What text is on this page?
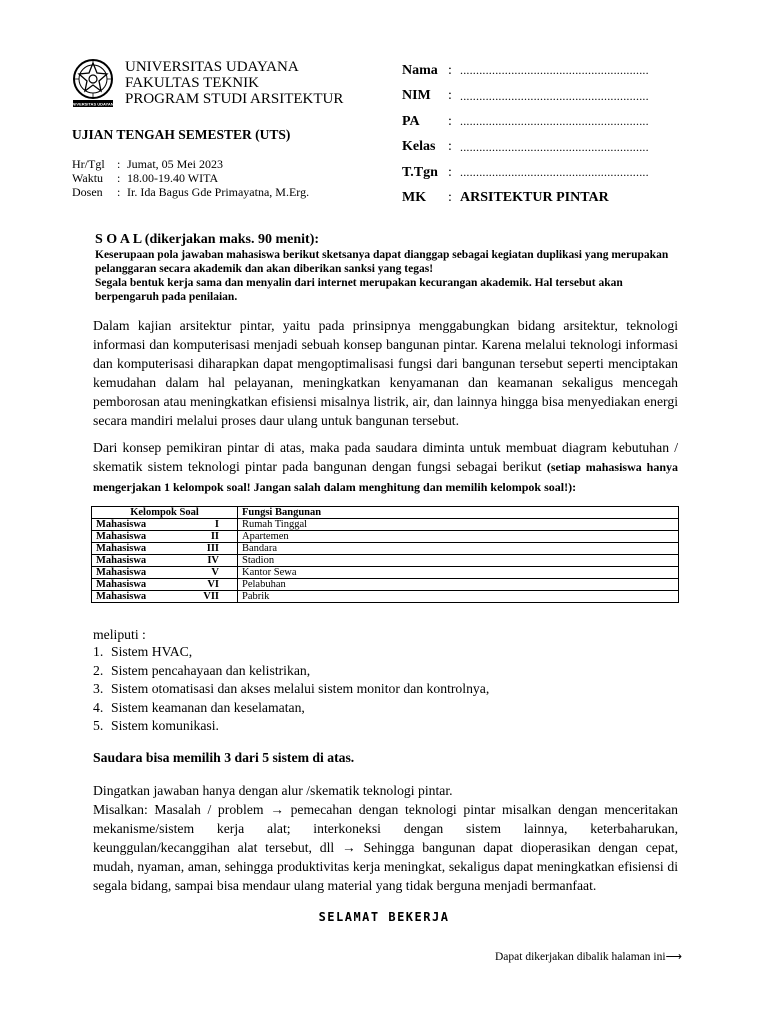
UNIVERSITAS UDAYANA
UNIVERSITAS UDAYANA
FAKULTAS TEKNIK
PROGRAM STUDI ARSITEKTUR
UJIAN TENGAH SEMESTER (UTS)
Hr/Tgl : Jumat, 05 Mei 2023
Waktu : 18.00-19.40 WITA
Dosen : Ir. Ida Bagus Gde Primayatna, M.Erg.
Nama : ...........................................................
NIM	: ...........................................................
PA	: ...........................................................
Kelas : ...........................................................
T.Tgn : ...........................................................
MK	: ARSITEKTUR PINTAR
S O A L (dikerjakan maks. 90 menit):
Keserupaan pola jawaban mahasiswa berikut sketsanya dapat dianggap sebagai kegiatan duplikasi yang merupakan pelanggaran secara akademik dan akan diberikan sanksi yang tegas!
Segala bentuk kerja sama dan menyalin dari internet merupakan kecurangan akademik. Hal tersebut akan berpengaruh pada penilaian.
Dalam kajian arsitektur pintar, yaitu pada prinsipnya menggabungkan bidang arsitektur, teknologi informasi dan komputerisasi menjadi sebuah konsep bangunan pintar. Karena melalui teknologi informasi dan komputerisasi diharapkan dapat mengoptimalisasi fungsi dari bangunan tersebut seperti menciptakan kemudahan dalam hal pelayanan, meningkatkan kenyamanan dan keamanan sekaligus mencegah pemborosan atau meningkatkan efisiensi misalnya listrik, air, dan lainnya hingga bisa menyediakan energi secara mandiri melalui proses daur ulang untuk bangunan tersebut.
Dari konsep pemikiran pintar di atas, maka pada saudara diminta untuk membuat diagram kebutuhan / skematik sistem teknologi pintar pada bangunan dengan fungsi sebagai berikut (setiap mahasiswa hanya mengerjakan 1 kelompok soal! Jangan salah dalam menghitung dan memilih kelompok soal!):
Kelompok Soal	Fungsi Bangunan
Mahasiswa I	Rumah Tinggal
Mahasiswa II	Apartemen
Mahasiswa III	Bandara
Mahasiswa IV	Stadion
Mahasiswa V	Kantor Sewa
Mahasiswa VI	Pelabuhan
Mahasiswa VII	Pabrik
meliputi :
1. Sistem HVAC,
2. Sistem pencahayaan dan kelistrikan,
3. Sistem otomatisasi dan akses melalui sistem monitor dan kontrolnya,
4. Sistem keamanan dan keselamatan,
5. Sistem komunikasi.
Saudara bisa memilih 3 dari 5 sistem di atas.
Dingatkan jawaban hanya dengan alur /skematik teknologi pintar.
Misalkan: Masalah / problem → pemecahan dengan teknologi pintar misalkan dengan menceritakan mekanisme/sistem kerja alat; interkoneksi dengan sistem lainnya, keterbaharukan, keunggulan/kecanggihan alat tersebut, dll → Sehingga bangunan dapat dioperasikan dengan cepat, mudah, nyaman, aman, sehingga produktivitas kerja meningkat, sekaligus dapat meningkatkan efisiensi di segala bidang, sampai bisa mendaur ulang material yang tidak berguna menjadi bermanfaat.
SELAMAT BEKERJA
Dapat dikerjakan dibalik halaman ini⟶
